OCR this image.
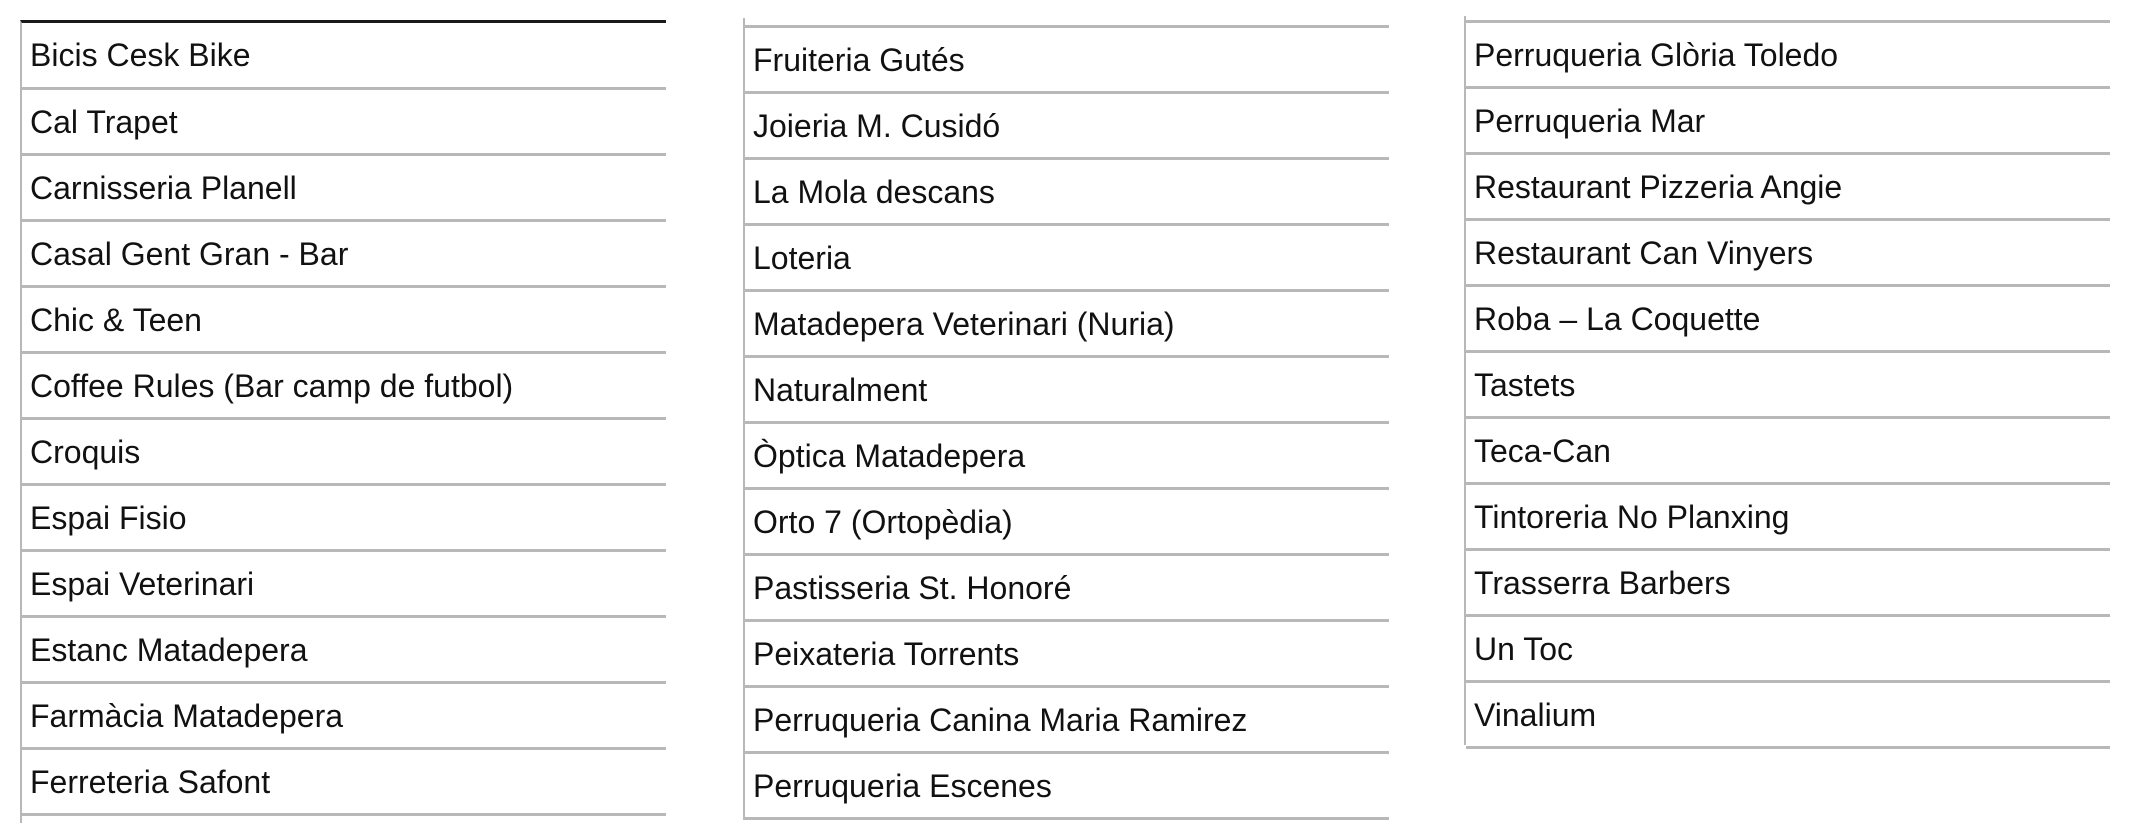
Bicis Cesk Bike
Cal Trapet
Carnisseria Planell
Casal Gent Gran - Bar
Chic & Teen
Coffee Rules (Bar camp de futbol)
Croquis
Espai Fisio
Espai Veterinari
Estanc Matadepera
Farmàcia Matadepera
Ferreteria Safont
Fruiteria Gutés
Joieria M. Cusidó
La Mola descans
Loteria
Matadepera Veterinari (Nuria)
Naturalment
Òptica Matadepera
Orto 7 (Ortopèdia)
Pastisseria St. Honoré
Peixateria Torrents
Perruqueria Canina Maria Ramirez
Perruqueria Escenes
Perruqueria Glòria Toledo
Perruqueria Mar
Restaurant Pizzeria Angie
Restaurant Can Vinyers
Roba – La Coquette
Tastets
Teca-Can
Tintoreria No Planxing
Trasserra Barbers
Un Toc
Vinalium
